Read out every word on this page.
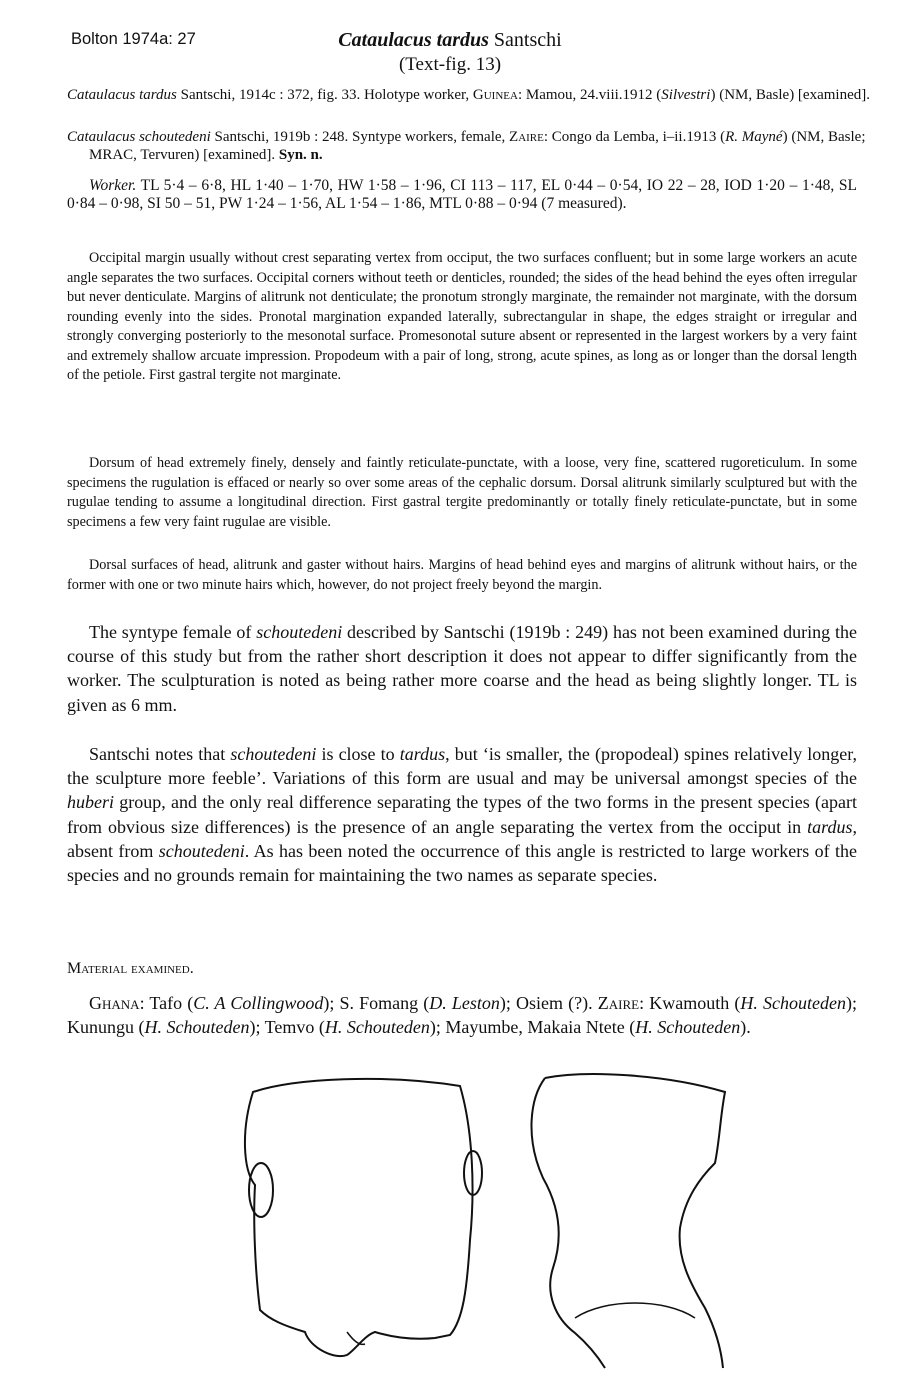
Bolton 1974a: 27	Cataulacus tardus Santschi
(Text-fig. 13)
Cataulacus tardus Santschi, 1914c : 372, fig. 33. Holotype worker, Guinea: Mamou, 24.viii.1912 (Silvestri) (NM, Basle) [examined].
Cataulacus schoutedeni Santschi, 1919b : 248. Syntype workers, female, Zaire: Congo da Lemba, i–ii.1913 (R. Mayné) (NM, Basle; MRAC, Tervuren) [examined]. Syn. n.
Worker. TL 5·4 – 6·8, HL 1·40 – 1·70, HW 1·58 – 1·96, CI 113 – 117, EL 0·44 – 0·54, IO 22 – 28, IOD 1·20 – 1·48, SL 0·84 – 0·98, SI 50 – 51, PW 1·24 – 1·56, AL 1·54 – 1·86, MTL 0·88 – 0·94 (7 measured).
Occipital margin usually without crest separating vertex from occiput, the two surfaces confluent; but in some large workers an acute angle separates the two surfaces. Occipital corners without teeth or denticles, rounded; the sides of the head behind the eyes often irregular but never denticulate. Margins of alitrunk not denticulate; the pronotum strongly marginate, the remainder not marginate, with the dorsum rounding evenly into the sides. Pronotal margination expanded laterally, subrectangular in shape, the edges straight or irregular and strongly converging posteriorly to the mesonotal surface. Promesonotal suture absent or represented in the largest workers by a very faint and extremely shallow arcuate impression. Propodeum with a pair of long, strong, acute spines, as long as or longer than the dorsal length of the petiole. First gastral tergite not marginate.
Dorsum of head extremely finely, densely and faintly reticulate-punctate, with a loose, very fine, scattered rugoreticulum. In some specimens the rugulation is effaced or nearly so over some areas of the cephalic dorsum. Dorsal alitrunk similarly sculptured but with the rugulae tending to assume a longitudinal direction. First gastral tergite predominantly or totally finely reticulate-punctate, but in some specimens a few very faint rugulae are visible.
Dorsal surfaces of head, alitrunk and gaster without hairs. Margins of head behind eyes and margins of alitrunk without hairs, or the former with one or two minute hairs which, however, do not project freely beyond the margin.
The syntype female of schoutedeni described by Santschi (1919b : 249) has not been examined during the course of this study but from the rather short description it does not appear to differ significantly from the worker. The sculpturation is noted as being rather more coarse and the head as being slightly longer. TL is given as 6 mm.
Santschi notes that schoutedeni is close to tardus, but ‘is smaller, the (propodeal) spines relatively longer, the sculpture more feeble’. Variations of this form are usual and may be universal amongst species of the huberi group, and the only real difference separating the types of the two forms in the present species (apart from obvious size differences) is the presence of an angle separating the vertex from the occiput in tardus, absent from schoutedeni. As has been noted the occurrence of this angle is restricted to large workers of the species and no grounds remain for maintaining the two names as separate species.
Material examined.
Ghana: Tafo (C. A Collingwood); S. Fomang (D. Leston); Osiem (?). Zaire: Kwamouth (H. Schouteden); Kunungu (H. Schouteden); Temvo (H. Schouteden); Mayumbe, Makaia Ntete (H. Schouteden).
